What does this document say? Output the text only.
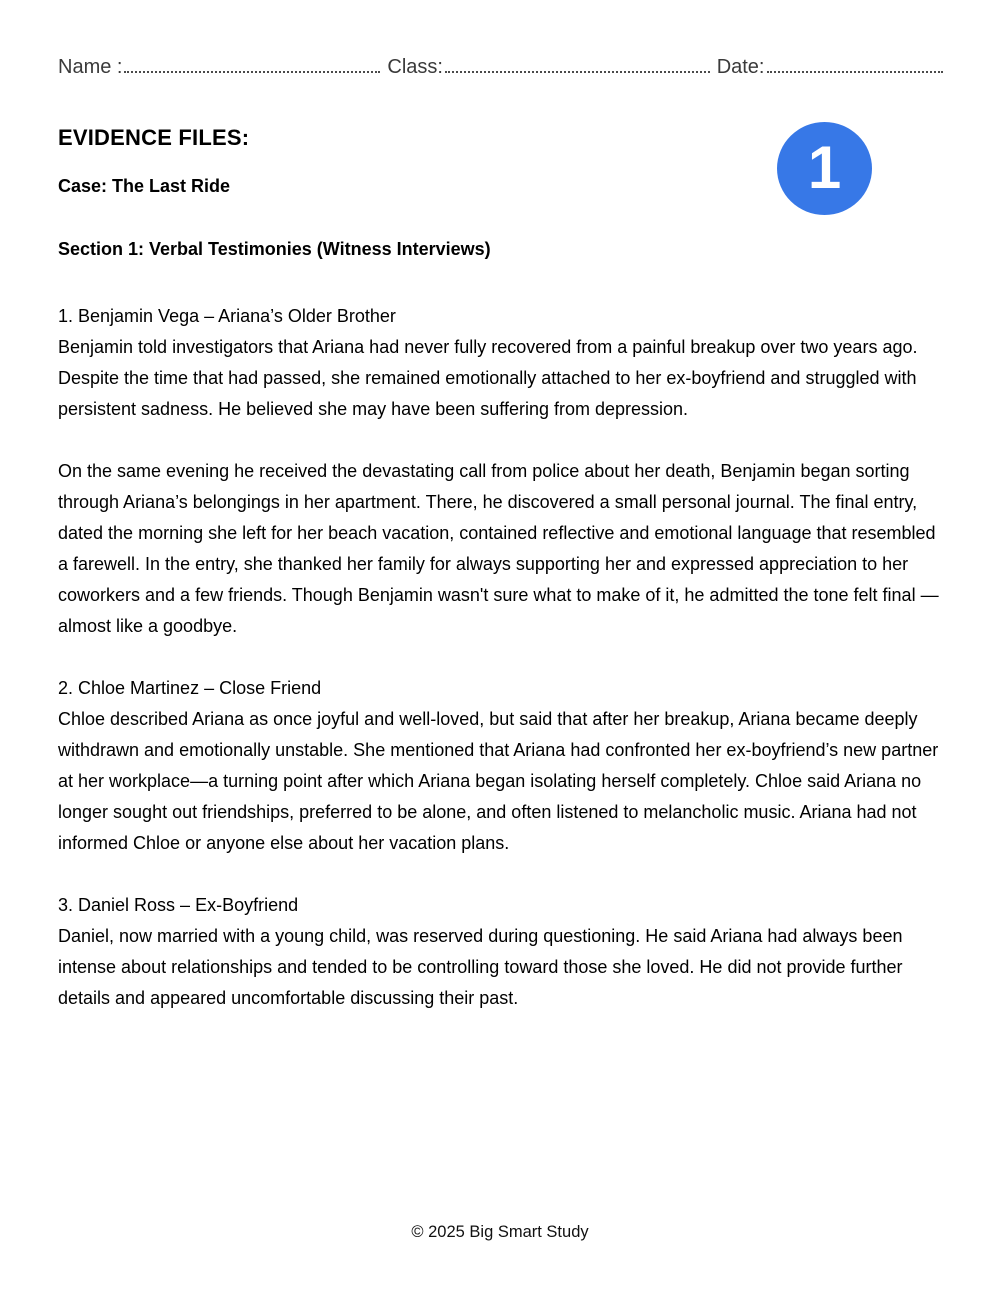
Name :	Class:	Date:
EVIDENCE FILES:
Case: The Last Ride	1
Section 1: Verbal Testimonies (Witness Interviews)

1. Benjamin Vega – Ariana’s Older Brother

Benjamin told investigators that Ariana had never fully recovered from a painful breakup over two years ago. Despite the time that had passed, she remained emotionally attached to her ex-boyfriend and struggled with persistent sadness. He believed she may have been suffering from depression.

On the same evening he received the devastating call from police about her death, Benjamin began sorting through Ariana’s belongings in her apartment. There, he discovered a small personal journal. The final entry, dated the morning she left for her beach vacation, contained reflective and emotional language that resembled a farewell. In the entry, she thanked her family for always supporting her and expressed appreciation to her coworkers and a few friends. Though Benjamin wasn't sure what to make of it, he admitted the tone felt final —almost like a goodbye.

2. Chloe Martinez – Close Friend

Chloe described Ariana as once joyful and well-loved, but said that after her breakup, Ariana became deeply withdrawn and emotionally unstable. She mentioned that Ariana had confronted her ex-boyfriend’s new partner at her workplace—a turning point after which Ariana began isolating herself completely. Chloe said Ariana no longer sought out friendships, preferred to be alone, and often listened to melancholic music. Ariana had not informed Chloe or anyone else about her vacation plans.

3. Daniel Ross – Ex-Boyfriend

Daniel, now married with a young child, was reserved during questioning. He said Ariana had always been intense about relationships and tended to be controlling toward those she loved. He did not provide further details and appeared uncomfortable discussing their past.

© 2025 Big Smart Study
